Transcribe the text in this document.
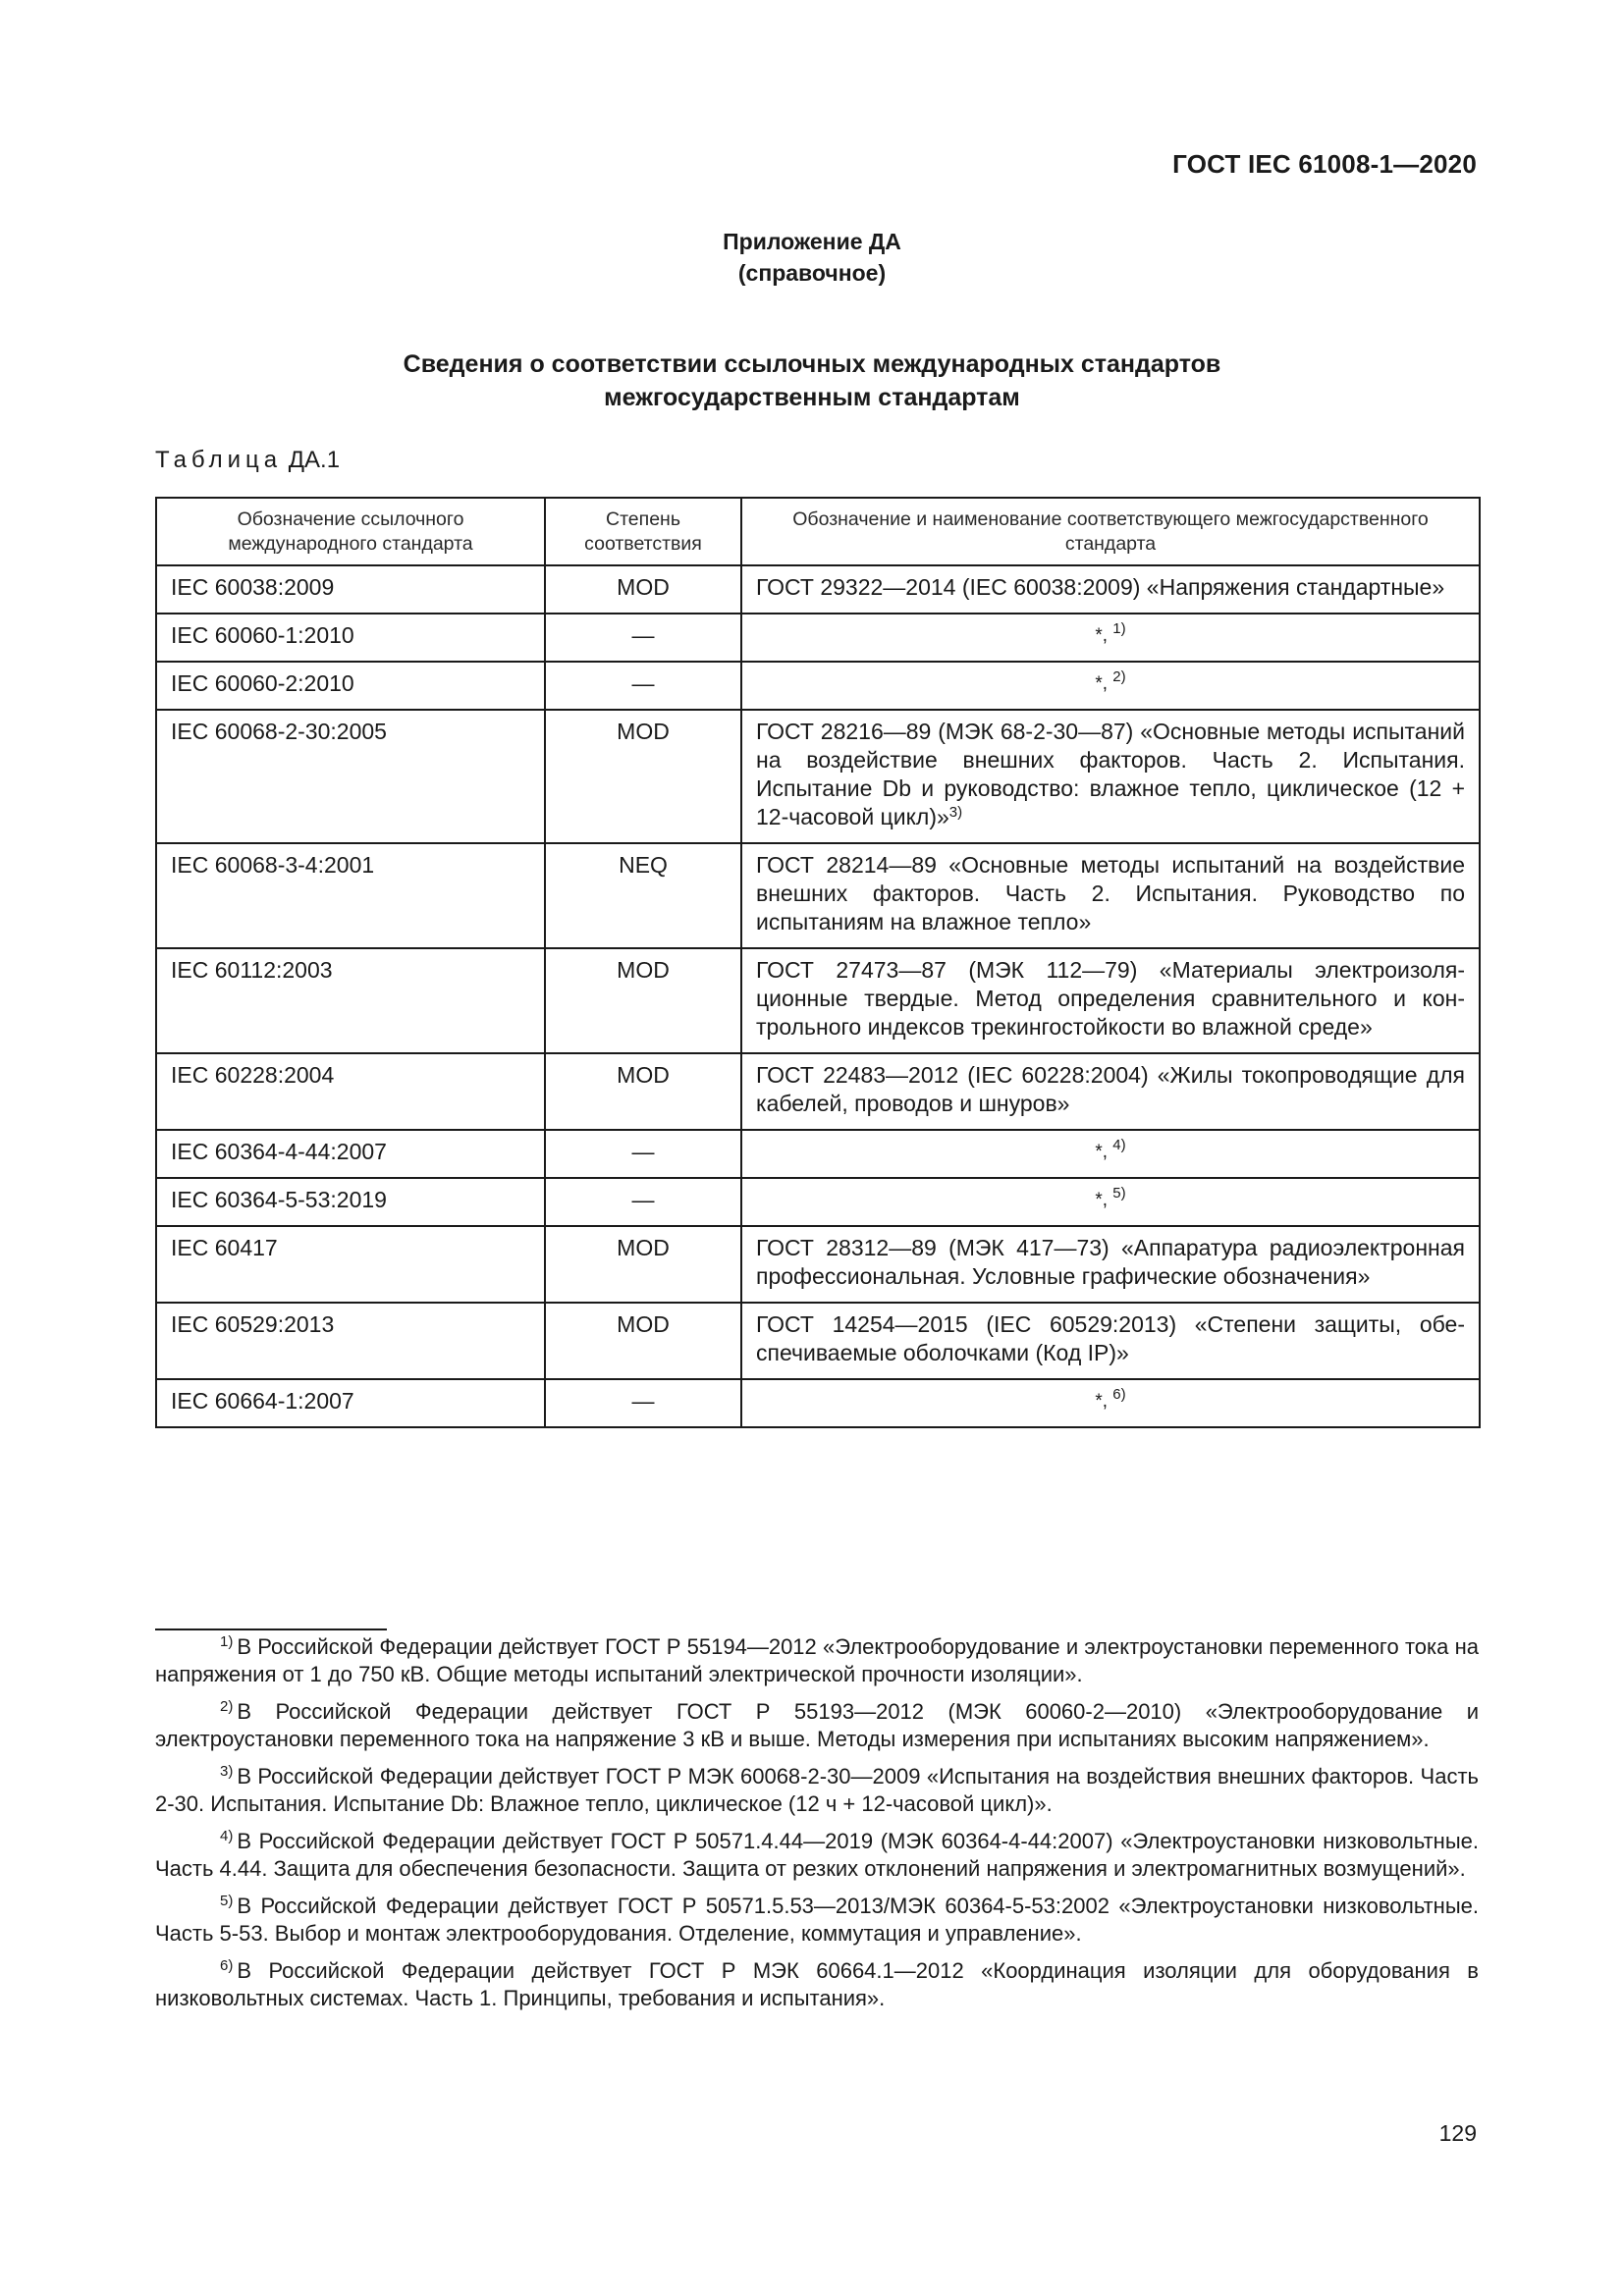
ГОСТ IEC 61008-1—2020
Приложение ДА
(справочное)
Сведения о соответствии ссылочных международных стандартов
межгосударственным стандартам
Таблица ДА.1
Обозначение ссылочного международного стандарта	Степень соответствия	Обозначение и наименование соответствующего межгосударственного стандарта
IEC 60038:2009	MOD	ГОСТ 29322—2014 (IEC 60038:2009) «Напряжения стандартные»
IEC 60060-1:2010	—	*, $^{1)}$
IEC 60060-2:2010	—	*, $^{2)}$
IEC 60068-2-30:2005	MOD	ГОСТ 28216—89 (МЭК 68-2-30—87) «Основные методы испытаний на воздействие внешних факторов. Часть 2. Испытания. Испытание Db и руководство: влажное тепло, циклическое (12 + 12-часовой цикл)»$^{3)}$
IEC 60068-3-4:2001	NEQ	ГОСТ 28214—89 «Основные методы испытаний на воздействие внешних факторов. Часть 2. Испытания. Руководство по испытаниям на влажное тепло»
IEC 60112:2003	MOD	ГОСТ 27473—87 (МЭК 112—79) «Материалы электроизоляционные твердые. Метод определения сравнительного и контрольного индексов трекингостойкости во влажной среде»
IEC 60228:2004	MOD	ГОСТ 22483—2012 (IEC 60228:2004) «Жилы токопроводящие для кабелей, проводов и шнуров»
IEC 60364-4-44:2007	—	*, $^{4)}$
IEC 60364-5-53:2019	—	*, $^{5)}$
IEC 60417	MOD	ГОСТ 28312—89 (МЭК 417—73) «Аппаратура радиоэлектронная профессиональная. Условные графические обозначения»
IEC 60529:2013	MOD	ГОСТ 14254—2015 (IEC 60529:2013) «Степени защиты, обеспечиваемые оболочками (Код IP)»
IEC 60664-1:2007	—	*, $^{6)}$
$^{1)}$ В Российской Федерации действует ГОСТ Р 55194—2012 «Электрооборудование и электроустановки переменного тока на напряжения от 1 до 750 кВ. Общие методы испытаний электрической прочности изоляции».
$^{2)}$ В Российской Федерации действует ГОСТ Р 55193—2012 (МЭК 60060-2—2010) «Электрооборудование и электроустановки переменного тока на напряжение 3 кВ и выше. Методы измерения при испытаниях высоким напряжением».
$^{3)}$ В Российской Федерации действует ГОСТ Р МЭК 60068-2-30—2009 «Испытания на воздействия внешних факторов. Часть 2-30. Испытания. Испытание Db: Влажное тепло, циклическое (12 ч + 12-часовой цикл)».
$^{4)}$ В Российской Федерации действует ГОСТ Р 50571.4.44—2019 (МЭК 60364-4-44:2007) «Электроустановки низковольтные. Часть 4.44. Защита для обеспечения безопасности. Защита от резких отклонений напряжения и электромагнитных возмущений».
$^{5)}$ В Российской Федерации действует ГОСТ Р 50571.5.53—2013/МЭК 60364-5-53:2002 «Электроустановки низковольтные. Часть 5-53. Выбор и монтаж электрооборудования. Отделение, коммутация и управление».
$^{6)}$ В Российской Федерации действует ГОСТ Р МЭК 60664.1—2012 «Координация изоляции для оборудования в низковольтных системах. Часть 1. Принципы, требования и испытания».
129
